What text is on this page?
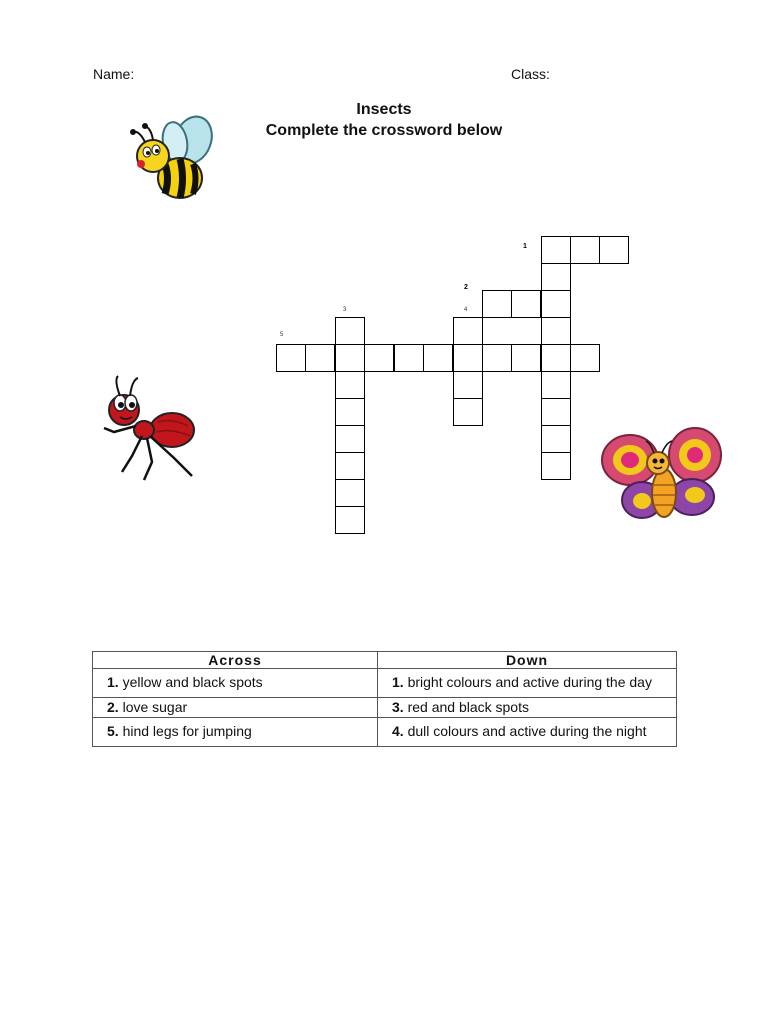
Name:	Class:
Insects
Complete the crossword below
1
2
3	4
5
Across	Down
1. yellow and black spots	1. bright colours and active during the day
2. love sugar	3. red and black spots
5. hind legs for jumping	4. dull colours and active during the night
